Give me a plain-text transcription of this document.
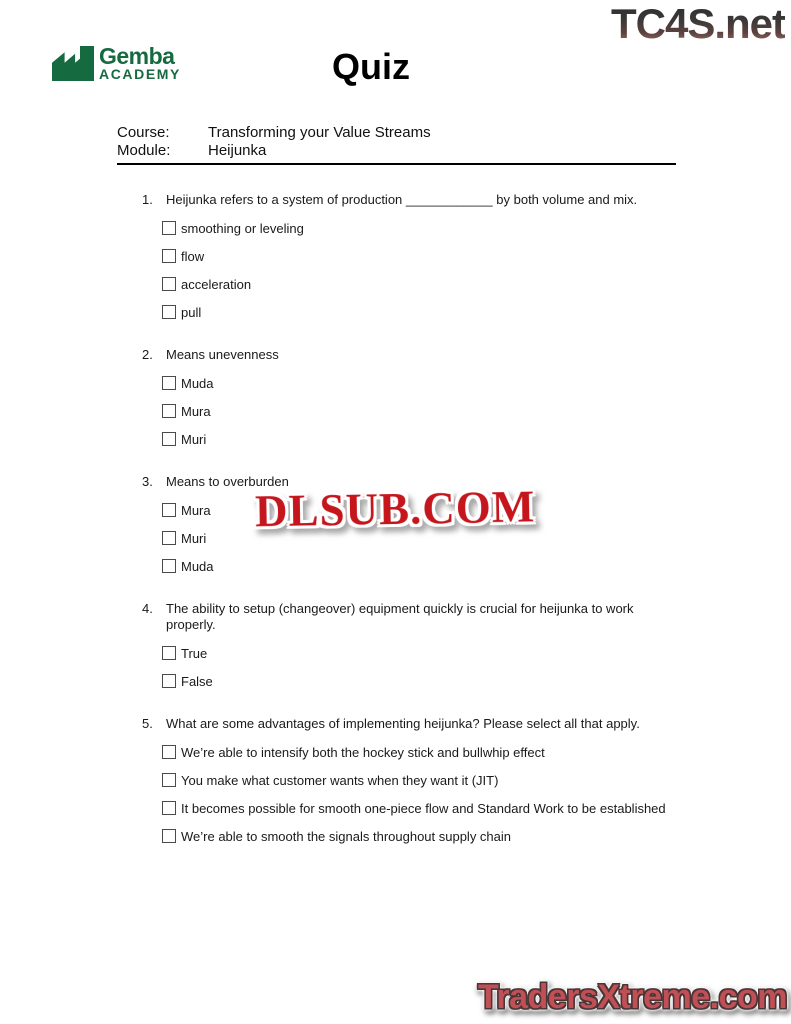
TC4S.net
Gemba
ACADEMY	Quiz
Course:	Transforming your Value Streams
Module:	Heijunka
1.	Heijunka refers to a system of production ____________ by both volume and mix.
smoothing or leveling
flow
acceleration
pull
2.	Means unevenness
Muda
Mura
Muri
3.	Means to overburden
Mura
Muri
Muda
4.	The ability to setup (changeover) equipment quickly is crucial for heijunka to work properly.
True
False
5.	What are some advantages of implementing heijunka? Please select all that apply.
We’re able to intensify both the hockey stick and bullwhip effect
You make what customer wants when they want it (JIT)
It becomes possible for smooth one-piece flow and Standard Work to be established
We’re able to smooth the signals throughout supply chain
DLSUB.COM
TradersXtreme.com
